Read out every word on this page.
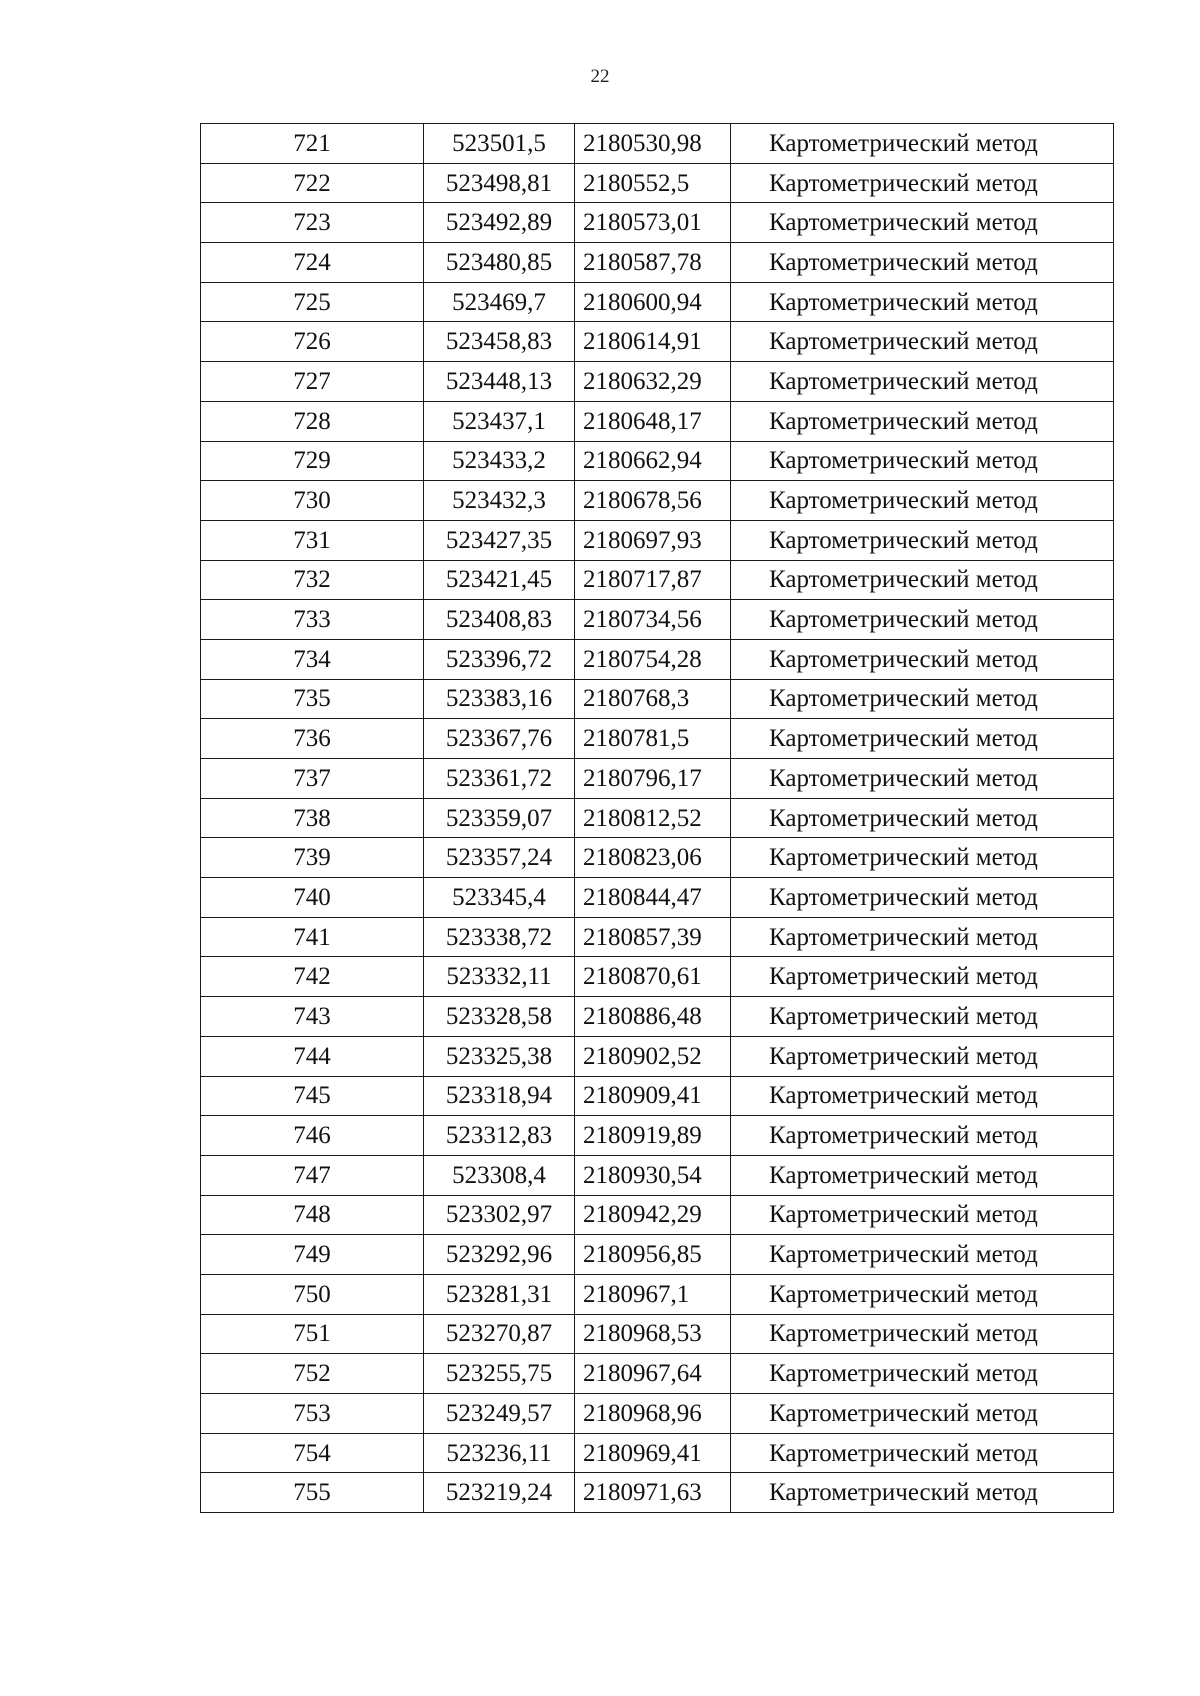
22
721	523501,5	2180530,98	Картометрический метод
722	523498,81	2180552,5	Картометрический метод
723	523492,89	2180573,01	Картометрический метод
724	523480,85	2180587,78	Картометрический метод
725	523469,7	2180600,94	Картометрический метод
726	523458,83	2180614,91	Картометрический метод
727	523448,13	2180632,29	Картометрический метод
728	523437,1	2180648,17	Картометрический метод
729	523433,2	2180662,94	Картометрический метод
730	523432,3	2180678,56	Картометрический метод
731	523427,35	2180697,93	Картометрический метод
732	523421,45	2180717,87	Картометрический метод
733	523408,83	2180734,56	Картометрический метод
734	523396,72	2180754,28	Картометрический метод
735	523383,16	2180768,3	Картометрический метод
736	523367,76	2180781,5	Картометрический метод
737	523361,72	2180796,17	Картометрический метод
738	523359,07	2180812,52	Картометрический метод
739	523357,24	2180823,06	Картометрический метод
740	523345,4	2180844,47	Картометрический метод
741	523338,72	2180857,39	Картометрический метод
742	523332,11	2180870,61	Картометрический метод
743	523328,58	2180886,48	Картометрический метод
744	523325,38	2180902,52	Картометрический метод
745	523318,94	2180909,41	Картометрический метод
746	523312,83	2180919,89	Картометрический метод
747	523308,4	2180930,54	Картометрический метод
748	523302,97	2180942,29	Картометрический метод
749	523292,96	2180956,85	Картометрический метод
750	523281,31	2180967,1	Картометрический метод
751	523270,87	2180968,53	Картометрический метод
752	523255,75	2180967,64	Картометрический метод
753	523249,57	2180968,96	Картометрический метод
754	523236,11	2180969,41	Картометрический метод
755	523219,24	2180971,63	Картометрический метод
